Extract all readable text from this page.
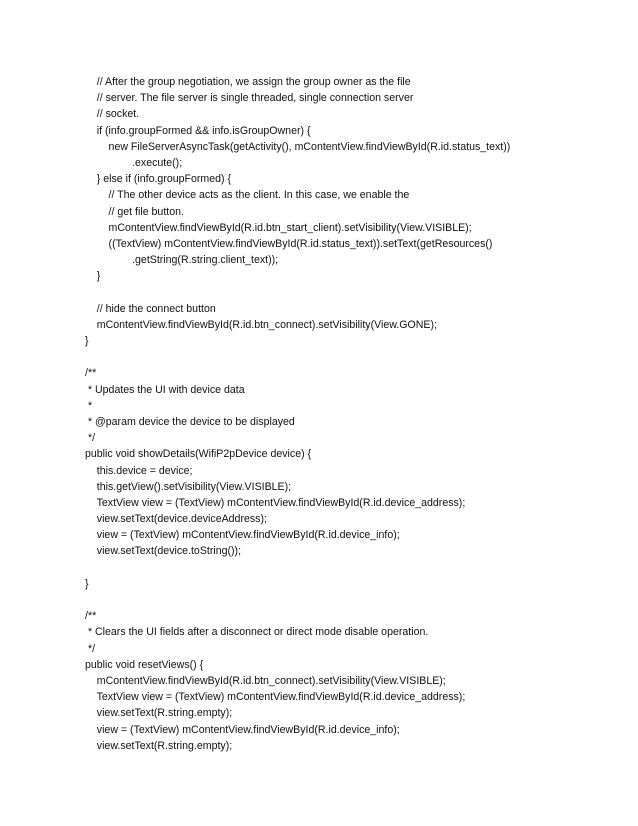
// After the group negotiation, we assign the group owner as the file
// server. The file server is single threaded, single connection server
// socket.
if (info.groupFormed && info.isGroupOwner) {
new FileServerAsyncTask(getActivity(), mContentView.findViewById(R.id.status_text))
.execute();
} else if (info.groupFormed) {
// The other device acts as the client. In this case, we enable the
// get file button.
mContentView.findViewById(R.id.btn_start_client).setVisibility(View.VISIBLE);
((TextView) mContentView.findViewById(R.id.status_text)).setText(getResources()
.getString(R.string.client_text));
}
// hide the connect button
mContentView.findViewById(R.id.btn_connect).setVisibility(View.GONE);
}
/**
* Updates the UI with device data
*
* @param device the device to be displayed
*/
public void showDetails(WifiP2pDevice device) {
this.device = device;
this.getView().setVisibility(View.VISIBLE);
TextView view = (TextView) mContentView.findViewById(R.id.device_address);
view.setText(device.deviceAddress);
view = (TextView) mContentView.findViewById(R.id.device_info);
view.setText(device.toString());
}
/**
* Clears the UI fields after a disconnect or direct mode disable operation.
*/
public void resetViews() {
mContentView.findViewById(R.id.btn_connect).setVisibility(View.VISIBLE);
TextView view = (TextView) mContentView.findViewById(R.id.device_address);
view.setText(R.string.empty);
view = (TextView) mContentView.findViewById(R.id.device_info);
view.setText(R.string.empty);
